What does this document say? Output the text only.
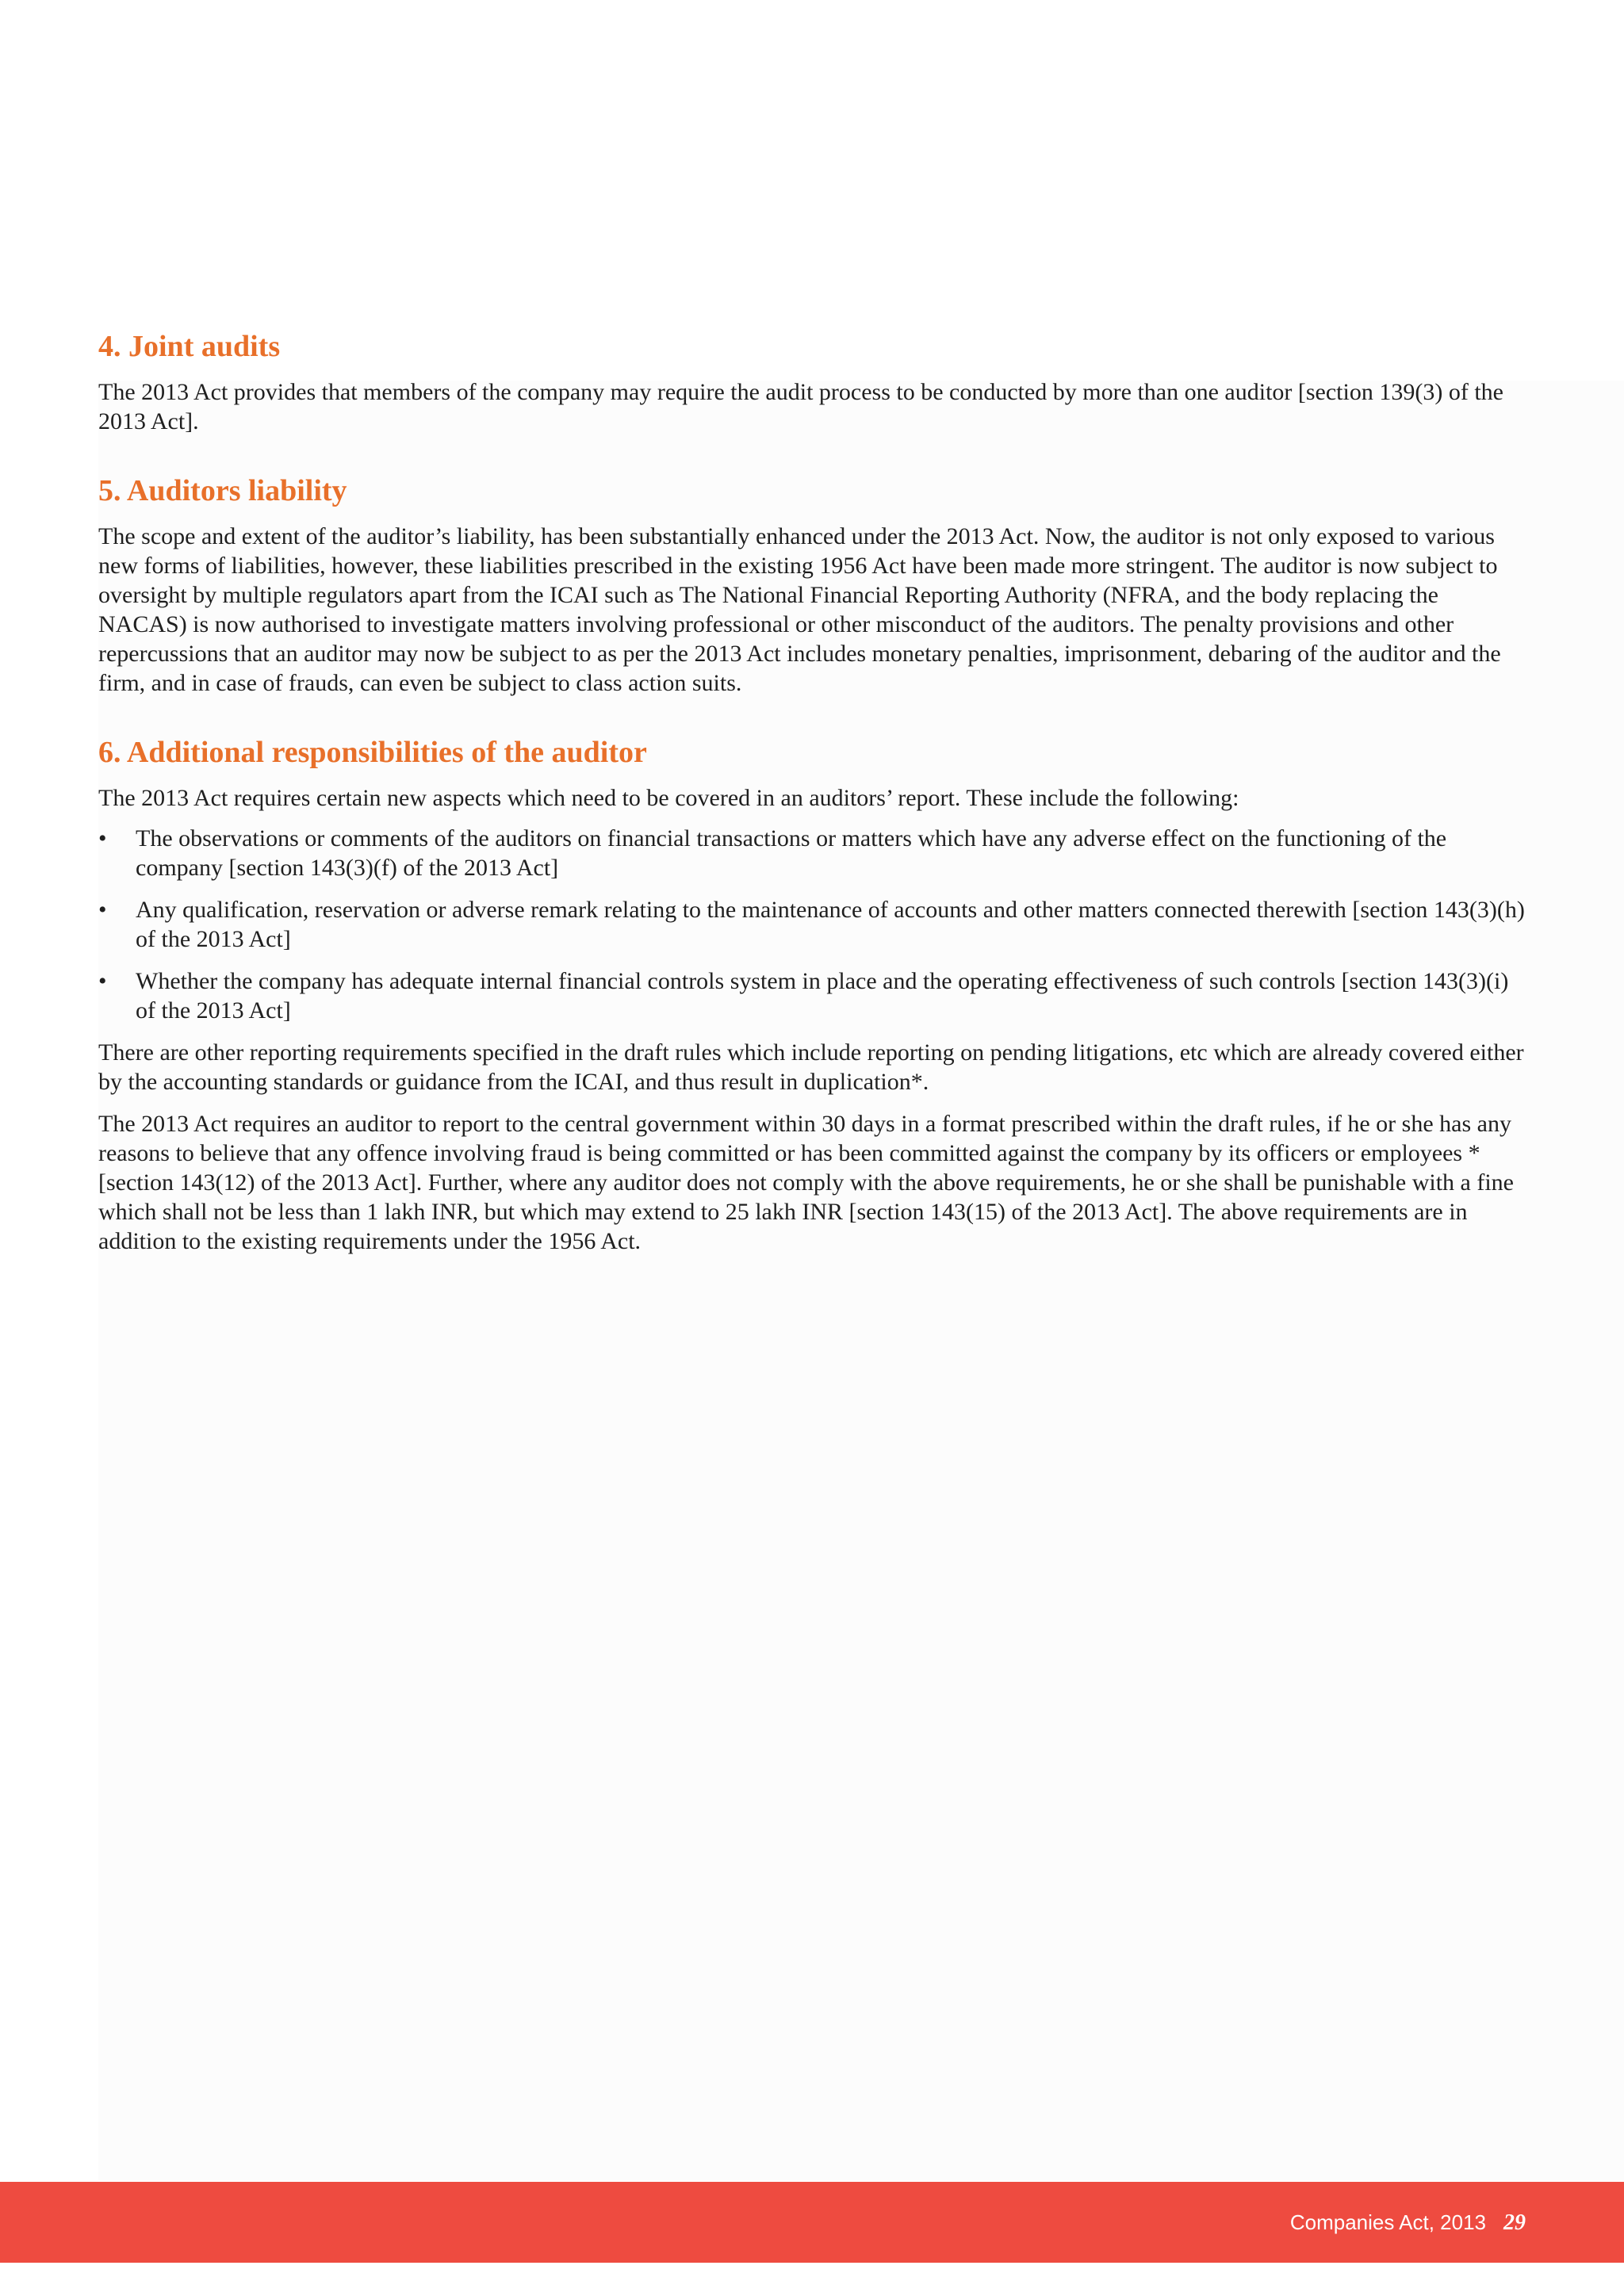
4. Joint audits

The 2013 Act provides that members of the company may require the audit process to be conducted by more than one auditor [section 139(3) of the 2013 Act].

5. Auditors liability

The scope and extent of the auditor’s liability, has been substantially enhanced under the 2013 Act. Now, the auditor is not only exposed to various new forms of liabilities, however, these liabilities prescribed in the existing 1956 Act have been made more stringent. The auditor is now subject to oversight by multiple regulators apart from the ICAI such as The National Financial Reporting Authority (NFRA, and the body replacing the NACAS) is now authorised to investigate matters involving professional or other misconduct of the auditors. The penalty provisions and other repercussions that an auditor may now be subject to as per the 2013 Act includes monetary penalties, imprisonment, debaring of the auditor and the firm, and in case of frauds, can even be subject to class action suits.

6. Additional responsibilities of the auditor

The 2013 Act requires certain new aspects which need to be covered in an auditors’ report. These include the following:

• The observations or comments of the auditors on financial transactions or matters which have any adverse effect on the functioning of the company [section 143(3)(f) of the 2013 Act]
• Any qualification, reservation or adverse remark relating to the maintenance of accounts and other matters connected therewith [section 143(3)(h) of the 2013 Act]
• Whether the company has adequate internal financial controls system in place and the operating effectiveness of such controls [section 143(3)(i) of the 2013 Act]

There are other reporting requirements specified in the draft rules which include reporting on pending litigations, etc which are already covered either by the accounting standards or guidance from the ICAI, and thus result in duplication*.

The 2013 Act requires an auditor to report to the central government within 30 days in a format prescribed within the draft rules, if he or she has any reasons to believe that any offence involving fraud is being committed or has been committed against the company by its officers or employees * [section 143(12) of the 2013 Act]. Further, where any auditor does not comply with the above requirements, he or she shall be punishable with a fine which shall not be less than 1 lakh INR, but which may extend to 25 lakh INR [section 143(15) of the 2013 Act]. The above requirements are in addition to the existing requirements under the 1956 Act.

Companies Act, 2013 29
